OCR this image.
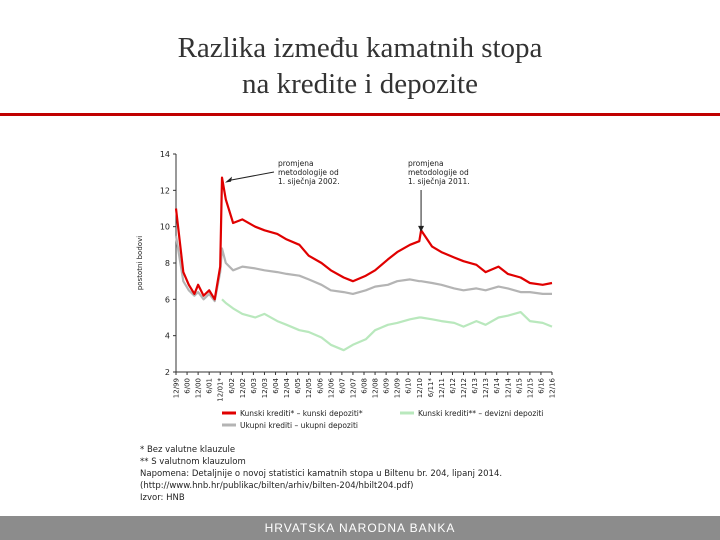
Razlika između kamatnih stopa
na kredite i depozite
2
4
6
8
10
12
14
postotni bodovi
12/99 6/00 12/00 6/01 12/01* 6/02 12/02 6/03 12/03 6/04 12/04 6/05 12/05 6/06 12/06 6/07 12/07 6/08 12/08 6/09 12/09 6/10 12/10 6/11* 12/11 6/12 12/12 6/13 12/13 6/14 12/14 6/15 12/15 6/16 12/16
promjena metodologije od 1. siječnja 2002.
promjena metodologije od 1. siječnja 2011.
Kunski krediti* – kunski depoziti*
Ukupni krediti – ukupni depoziti
Kunski krediti** – devizni depoziti
* Bez valutne klauzule
** S valutnom klauzulom
Napomena: Detaljnije o novoj statistici kamatnih stopa u Biltenu br. 204, lipanj 2014.
(http://www.hnb.hr/publikac/bilten/arhiv/bilten-204/hbilt204.pdf)
Izvor: HNB
HRVATSKA NARODNA BANKA
